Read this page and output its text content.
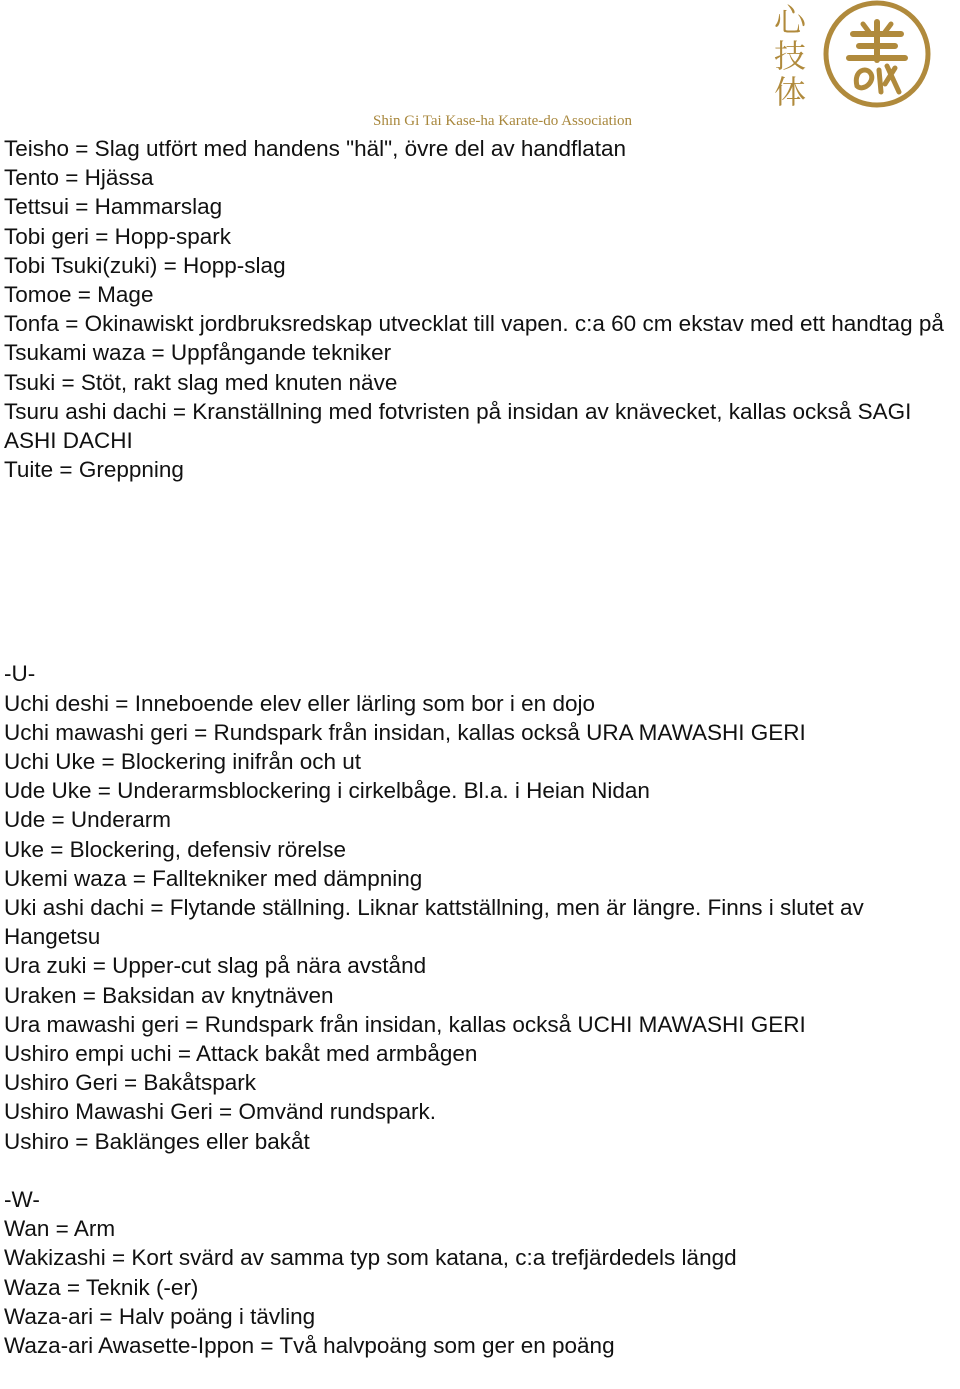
心
技
体
Shin Gi Tai Kase-ha Karate-do Association
Teisho = Slag utfört med handens "häl", övre del av handflatan
Tento = Hjässa
Tettsui = Hammarslag
Tobi geri = Hopp-spark
Tobi Tsuki(zuki) = Hopp-slag
Tomoe = Mage
Tonfa = Okinawiskt jordbruksredskap utvecklat till vapen. c:a 60 cm ekstav med ett handtag på
Tsukami waza = Uppfångande tekniker
Tsuki = Stöt, rakt slag med knuten näve
Tsuru ashi dachi = Kranställning med fotvristen på insidan av knävecket, kallas också SAGI ASHI DACHI
Tuite = Greppning
-U-
Uchi deshi = Inneboende elev eller lärling som bor i en dojo
Uchi mawashi geri = Rundspark från insidan, kallas också URA MAWASHI GERI
Uchi Uke = Blockering inifrån och ut
Ude Uke = Underarmsblockering i cirkelbåge. Bl.a. i Heian Nidan
Ude = Underarm
Uke = Blockering, defensiv rörelse
Ukemi waza = Falltekniker med dämpning
Uki ashi dachi = Flytande ställning. Liknar kattställning, men är längre. Finns i slutet av Hangetsu
Ura zuki = Upper-cut slag på nära avstånd
Uraken = Baksidan av knytnäven
Ura mawashi geri = Rundspark från insidan, kallas också UCHI MAWASHI GERI
Ushiro empi uchi = Attack bakåt med armbågen
Ushiro Geri = Bakåtspark
Ushiro Mawashi Geri = Omvänd rundspark.
Ushiro = Baklänges eller bakåt
-W-
Wan = Arm
Wakizashi = Kort svärd av samma typ som katana, c:a trefjärdedels längd
Waza = Teknik (-er)
Waza-ari = Halv poäng i tävling
Waza-ari Awasette-Ippon = Två halvpoäng som ger en poäng
